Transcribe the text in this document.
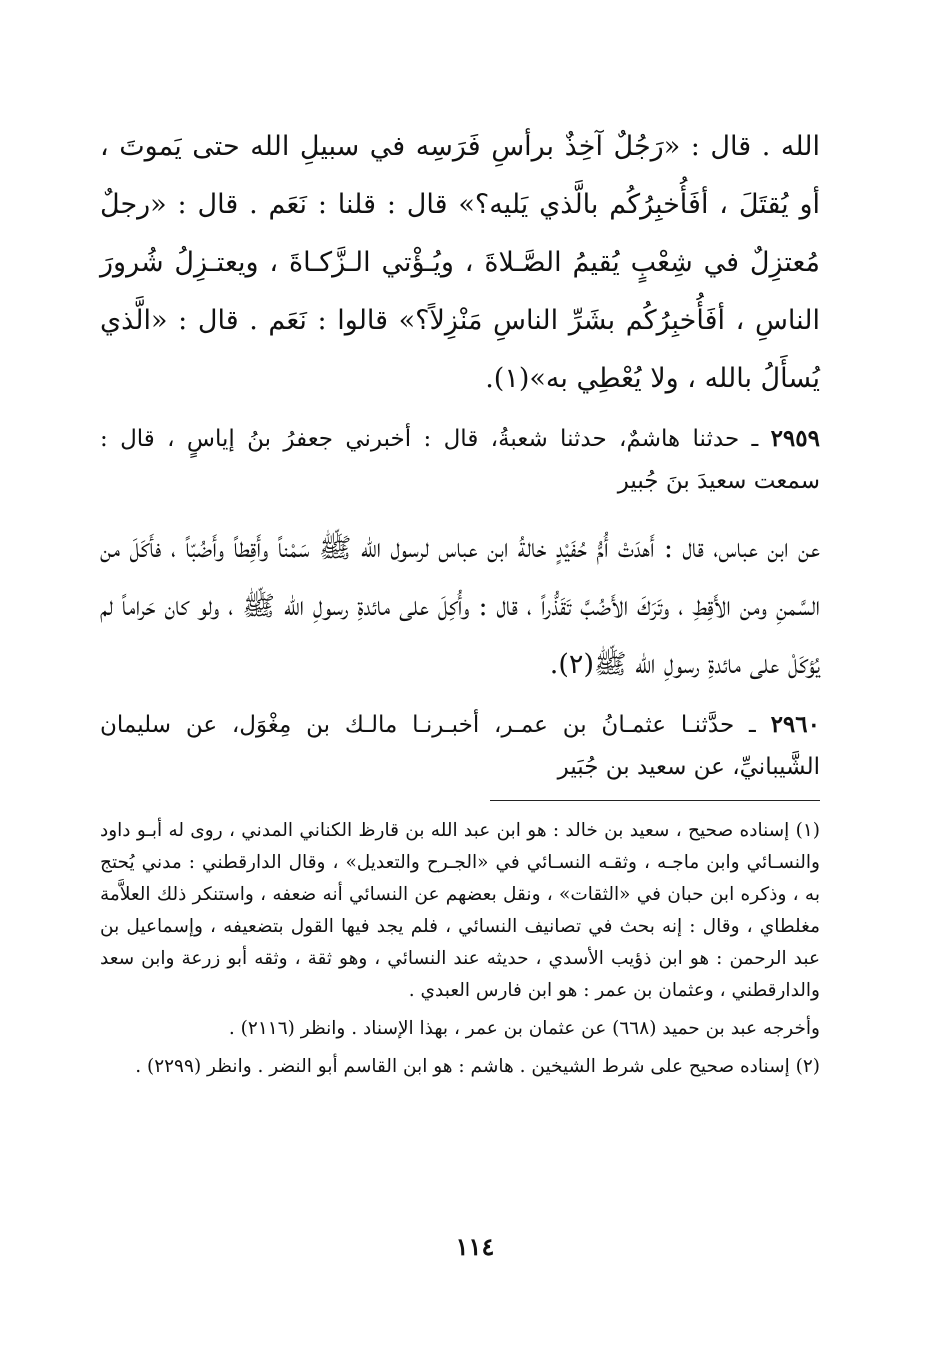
الله . قال : «رَجُلٌ آخِذٌ برأسِ فَرَسِه في سبيلِ الله حتى يَموتَ ، أو يُقتَلَ ، أفَأُخبِرُكُم بالَّذي يَليه؟» قال : قلنا : نَعَم . قال : «رجلٌ مُعتزِلٌ في شِعْبٍ يُقيمُ الصَّـلاةَ ، ويُـؤْتي الـزَّكـاةَ ، ويعتـزِلُ شُرورَ الناسِ ، أفَأُخبِرُكُم بشَرِّ الناسِ مَنْزِلاً؟» قالوا : نَعَم . قال : «الَّذي يُسأَلُ بالله ، ولا يُعْطِي به»(١).

٢٩٥٩ ـ حدثنا هاشمٌ، حدثنا شعبةُ، قال : أخبرني جعفرُ بنُ إياسٍ ، قال : سمعت سعيدَ بنَ جُبير

عن ابن عباس، قال : أَهدَتْ أُمُّ حُفَيْدٍ خالةُ ابن عباس لرسول الله ﷺ سَمْناً وأَقِطاً وأَضُبّاً ، فأَكَلَ من السَّمنِ ومن الأَقِطِ ، وتَرَكَ الأَضُبَّ تَقَذُّراً ، قال : وأُكِلَ على مائدةِ رسولِ الله ﷺ ، ولو كان حَراماً لم يُؤكَلْ على مائدةِ رسولِ الله ﷺ(٢).

٢٩٦٠ ـ حدَّثنـا عثمـانُ بن عمـر، أخبـرنـا مالـك بن مِغْوَل، عن سليمان الشَّيبانيِّ، عن سعيد بن جُبَير

(١) إسناده صحيح ، سعيد بن خالد : هو ابن عبد الله بن قارظ الكناني المدني ، روى له أبـو داود والنسـائي وابن ماجـه ، وثقـه النسـائي في «الجـرح والتعديل» ، وقال الدارقطني : مدني يُحتج به ، وذكره ابن حبان في «الثقات» ، ونقل بعضهم عن النسائي أنه ضعفه ، واستنكر ذلك العلاَّمة مغلطاي ، وقال : إنه بحث في تصانيف النسائي ، فلم يجد فيها القول بتضعيفه ، وإسماعيل بن عبد الرحمن : هو ابن ذؤيب الأسدي ، حديثه عند النسائي ، وهو ثقة ، وثقه أبو زرعة وابن سعد والدارقطني ، وعثمان بن عمر : هو ابن فارس العبدي .

وأخرجه عبد بن حميد (٦٦٨) عن عثمان بن عمر ، بهذا الإسناد . وانظر (٢١١٦) .

(٢) إسناده صحيح على شرط الشيخين . هاشم : هو ابن القاسم أبو النضر . وانظر (٢٢٩٩) .

١١٤
